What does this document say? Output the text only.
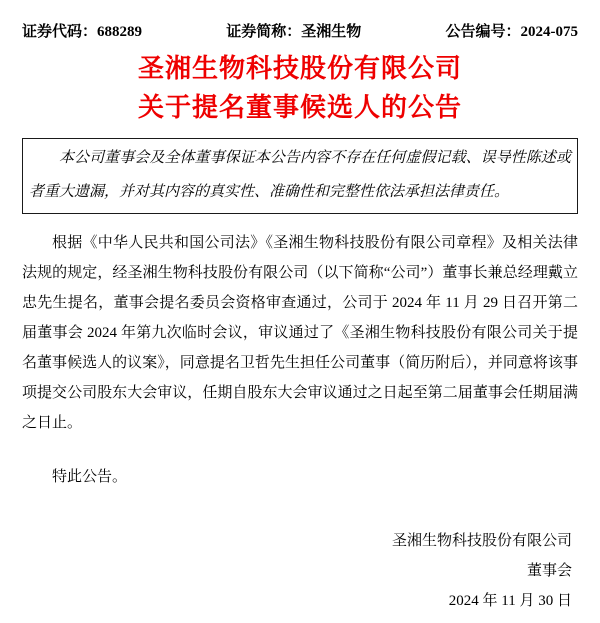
证券代码：688289	证券简称：圣湘生物	公告编号：2024-075
圣湘生物科技股份有限公司
关于提名董事候选人的公告
本公司董事会及全体董事保证本公告内容不存在任何虚假记载、误导性陈述或者重大遗漏，并对其内容的真实性、准确性和完整性依法承担法律责任。

根据《中华人民共和国公司法》《圣湘生物科技股份有限公司章程》及相关法律法规的规定，经圣湘生物科技股份有限公司（以下简称“公司”）董事长兼总经理戴立忠先生提名，董事会提名委员会资格审查通过，公司于 2024 年 11 月 29 日召开第二届董事会 2024 年第九次临时会议，审议通过了《圣湘生物科技股份有限公司关于提名董事候选人的议案》，同意提名卫哲先生担任公司董事（简历附后），并同意将该事项提交公司股东大会审议，任期自股东大会审议通过之日起至第二届董事会任期届满之日止。

特此公告。

圣湘生物科技股份有限公司
董事会
2024 年 11 月 30 日
